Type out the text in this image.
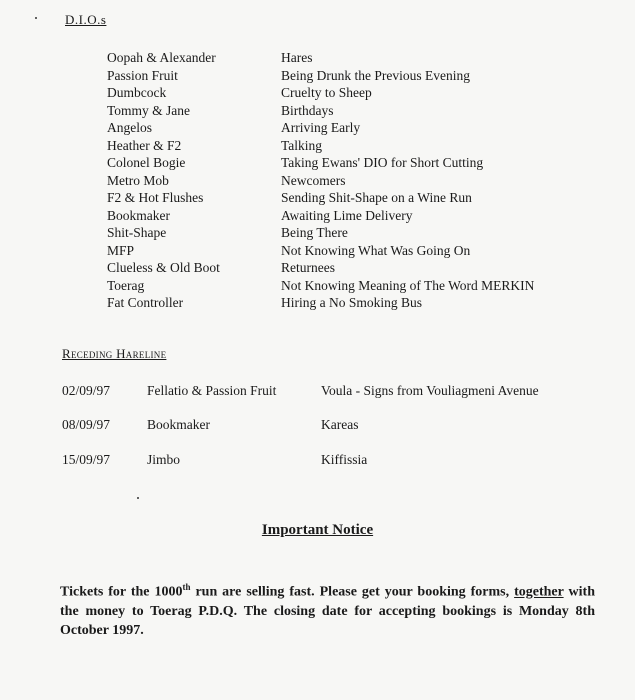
D.I.O.s
Oopah & Alexander	Hares
Passion Fruit	Being Drunk the Previous Evening
Dumbcock	Cruelty to Sheep
Tommy & Jane	Birthdays
Angelos	Arriving Early
Heather & F2	Talking
Colonel Bogie	Taking Ewans' DIO for Short Cutting
Metro Mob	Newcomers
F2 & Hot Flushes	Sending Shit-Shape on a Wine Run
Bookmaker	Awaiting Lime Delivery
Shit-Shape	Being There
MFP	Not Knowing What Was Going On
Clueless & Old Boot	Returnees
Toerag	Not Knowing Meaning of The Word MERKIN
Fat Controller	Hiring a No Smoking Bus
Receding Hareline
02/09/97	Fellatio & Passion Fruit	Voula - Signs from Vouliagmeni Avenue
08/09/97	Bookmaker	Kareas
15/09/97	Jimbo	Kiffissia
Important Notice

Tickets for the 1000th run are selling fast. Please get your booking forms, together with the money to Toerag P.D.Q. The closing date for accepting bookings is Monday 8th October 1997.
